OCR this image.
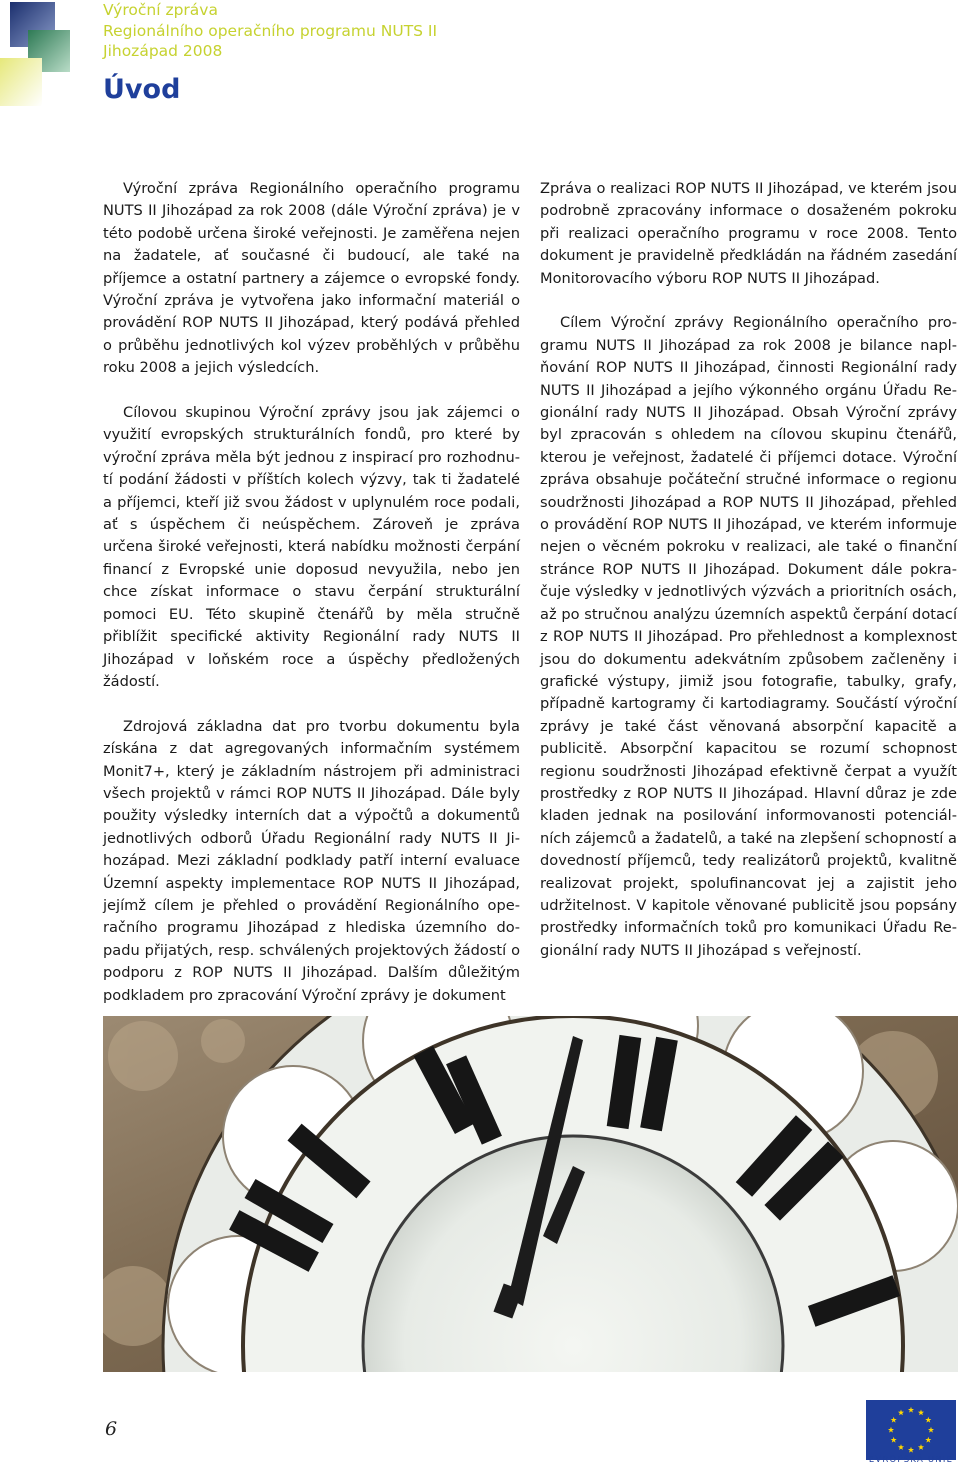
Výroční zpráva
Regionálního operačního programu NUTS II
Jihozápad 2008
Úvod

Výroční zpráva Regionálního operačního programu NUTS II Jihozápad za rok 2008 (dále Výroční zpráva) je v této podobě určena široké veřejnosti. Je zaměřena nejen na žadatele, ať současné či budoucí, ale také na příjemce a ostatní partnery a zájemce o evropské fondy. Výroční zpráva je vytvořena jako informační materiál o provádění ROP NUTS II Jihozápad, který podává přehled o průběhu jednotlivých kol výzev proběhlých v průběhu roku 2008 a jejich výsledcích.

Cílovou skupinou Výroční zprávy jsou jak zájemci o využití evropských strukturálních fondů, pro které by výroční zpráva měla být jednou z inspirací pro rozhodnutí podání žádosti v příštích kolech výzvy, tak ti žadatelé a příjemci, kteří již svou žádost v uplynulém roce podali, ať s úspěchem či neúspěchem. Zároveň je zpráva určena široké veřejnosti, která nabídku možnosti čerpání financí z Evropské unie doposud nevyužila, nebo jen chce získat informace o stavu čerpání strukturální pomoci EU. Této skupině čtenářů by měla stručně přiblížit specifické aktivity Regionální rady NUTS II Jihozápad v loňském roce a úspěchy předložených žádostí.

Zdrojová základna dat pro tvorbu dokumentu byla získána z dat agregovaných informačním systémem Monit7+, který je základním nástrojem při administraci všech projektů v rámci ROP NUTS II Jihozápad. Dále byly použity výsledky interních dat a výpočtů a dokumentů jednotlivých odborů Úřadu Regionální rady NUTS II Jihozápad. Mezi základní podklady patří interní evaluace Územní aspekty implementace ROP NUTS II Jihozápad, jejímž cílem je přehled o provádění Regionálního operačního programu Jihozápad z hlediska územního dopadu přijatých, resp. schválených projektových žádostí o podporu z ROP NUTS II Jihozápad. Dalším důležitým podkladem pro zpracování Výroční zprávy je dokument

Zpráva o realizaci ROP NUTS II Jihozápad, ve kterém jsou podrobně zpracovány informace o dosaženém pokroku při realizaci operačního programu v roce 2008. Tento dokument je pravidelně předkládán na řádném zasedání Monitorovacího výboru ROP NUTS II Jihozápad.

Cílem Výroční zprávy Regionálního operačního programu NUTS II Jihozápad za rok 2008 je bilance naplňování ROP NUTS II Jihozápad, činnosti Regionální rady NUTS II Jihozápad a jejího výkonného orgánu Úřadu Regionální rady NUTS II Jihozápad. Obsah Výroční zprávy byl zpracován s ohledem na cílovou skupinu čtenářů, kterou je veřejnost, žadatelé či příjemci dotace. Výroční zpráva obsahuje počáteční stručné informace o regionu soudržnosti Jihozápad a ROP NUTS II Jihozápad, přehled o provádění ROP NUTS II Jihozápad, ve kterém informuje nejen o věcném pokroku v realizaci, ale také o finanční stránce ROP NUTS II Jihozápad. Dokument dále pokračuje výsledky v jednotlivých výzvách a prioritních osách, až po stručnou analýzu územních aspektů čerpání dotací z ROP NUTS II Jihozápad. Pro přehlednost a komplexnost jsou do dokumentu adekvátním způsobem začleněny i grafické výstupy, jimiž jsou fotografie, tabulky, grafy, případně kartogramy či kartodiagramy. Součástí výroční zprávy je také část věnovaná absorpční kapacitě a publicitě. Absorpční kapacitou se rozumí schopnost regionu soudržnosti Jihozápad efektivně čerpat a využít prostředky z ROP NUTS II Jihozápad. Hlavní důraz je zde kladen jednak na posilování informovanosti potenciálních zájemců a žadatelů, a také na zlepšení schopností a dovedností příjemců, tedy realizátorů projektů, kvalitně realizovat projekt, spolufinancovat jej a zajistit jeho udržitelnost. V kapitole věnované publicitě jsou popsány prostředky informačních toků pro komunikaci Úřadu Regionální rady NUTS II Jihozápad s veřejností.

6
EVROPSKÁ UNIE
